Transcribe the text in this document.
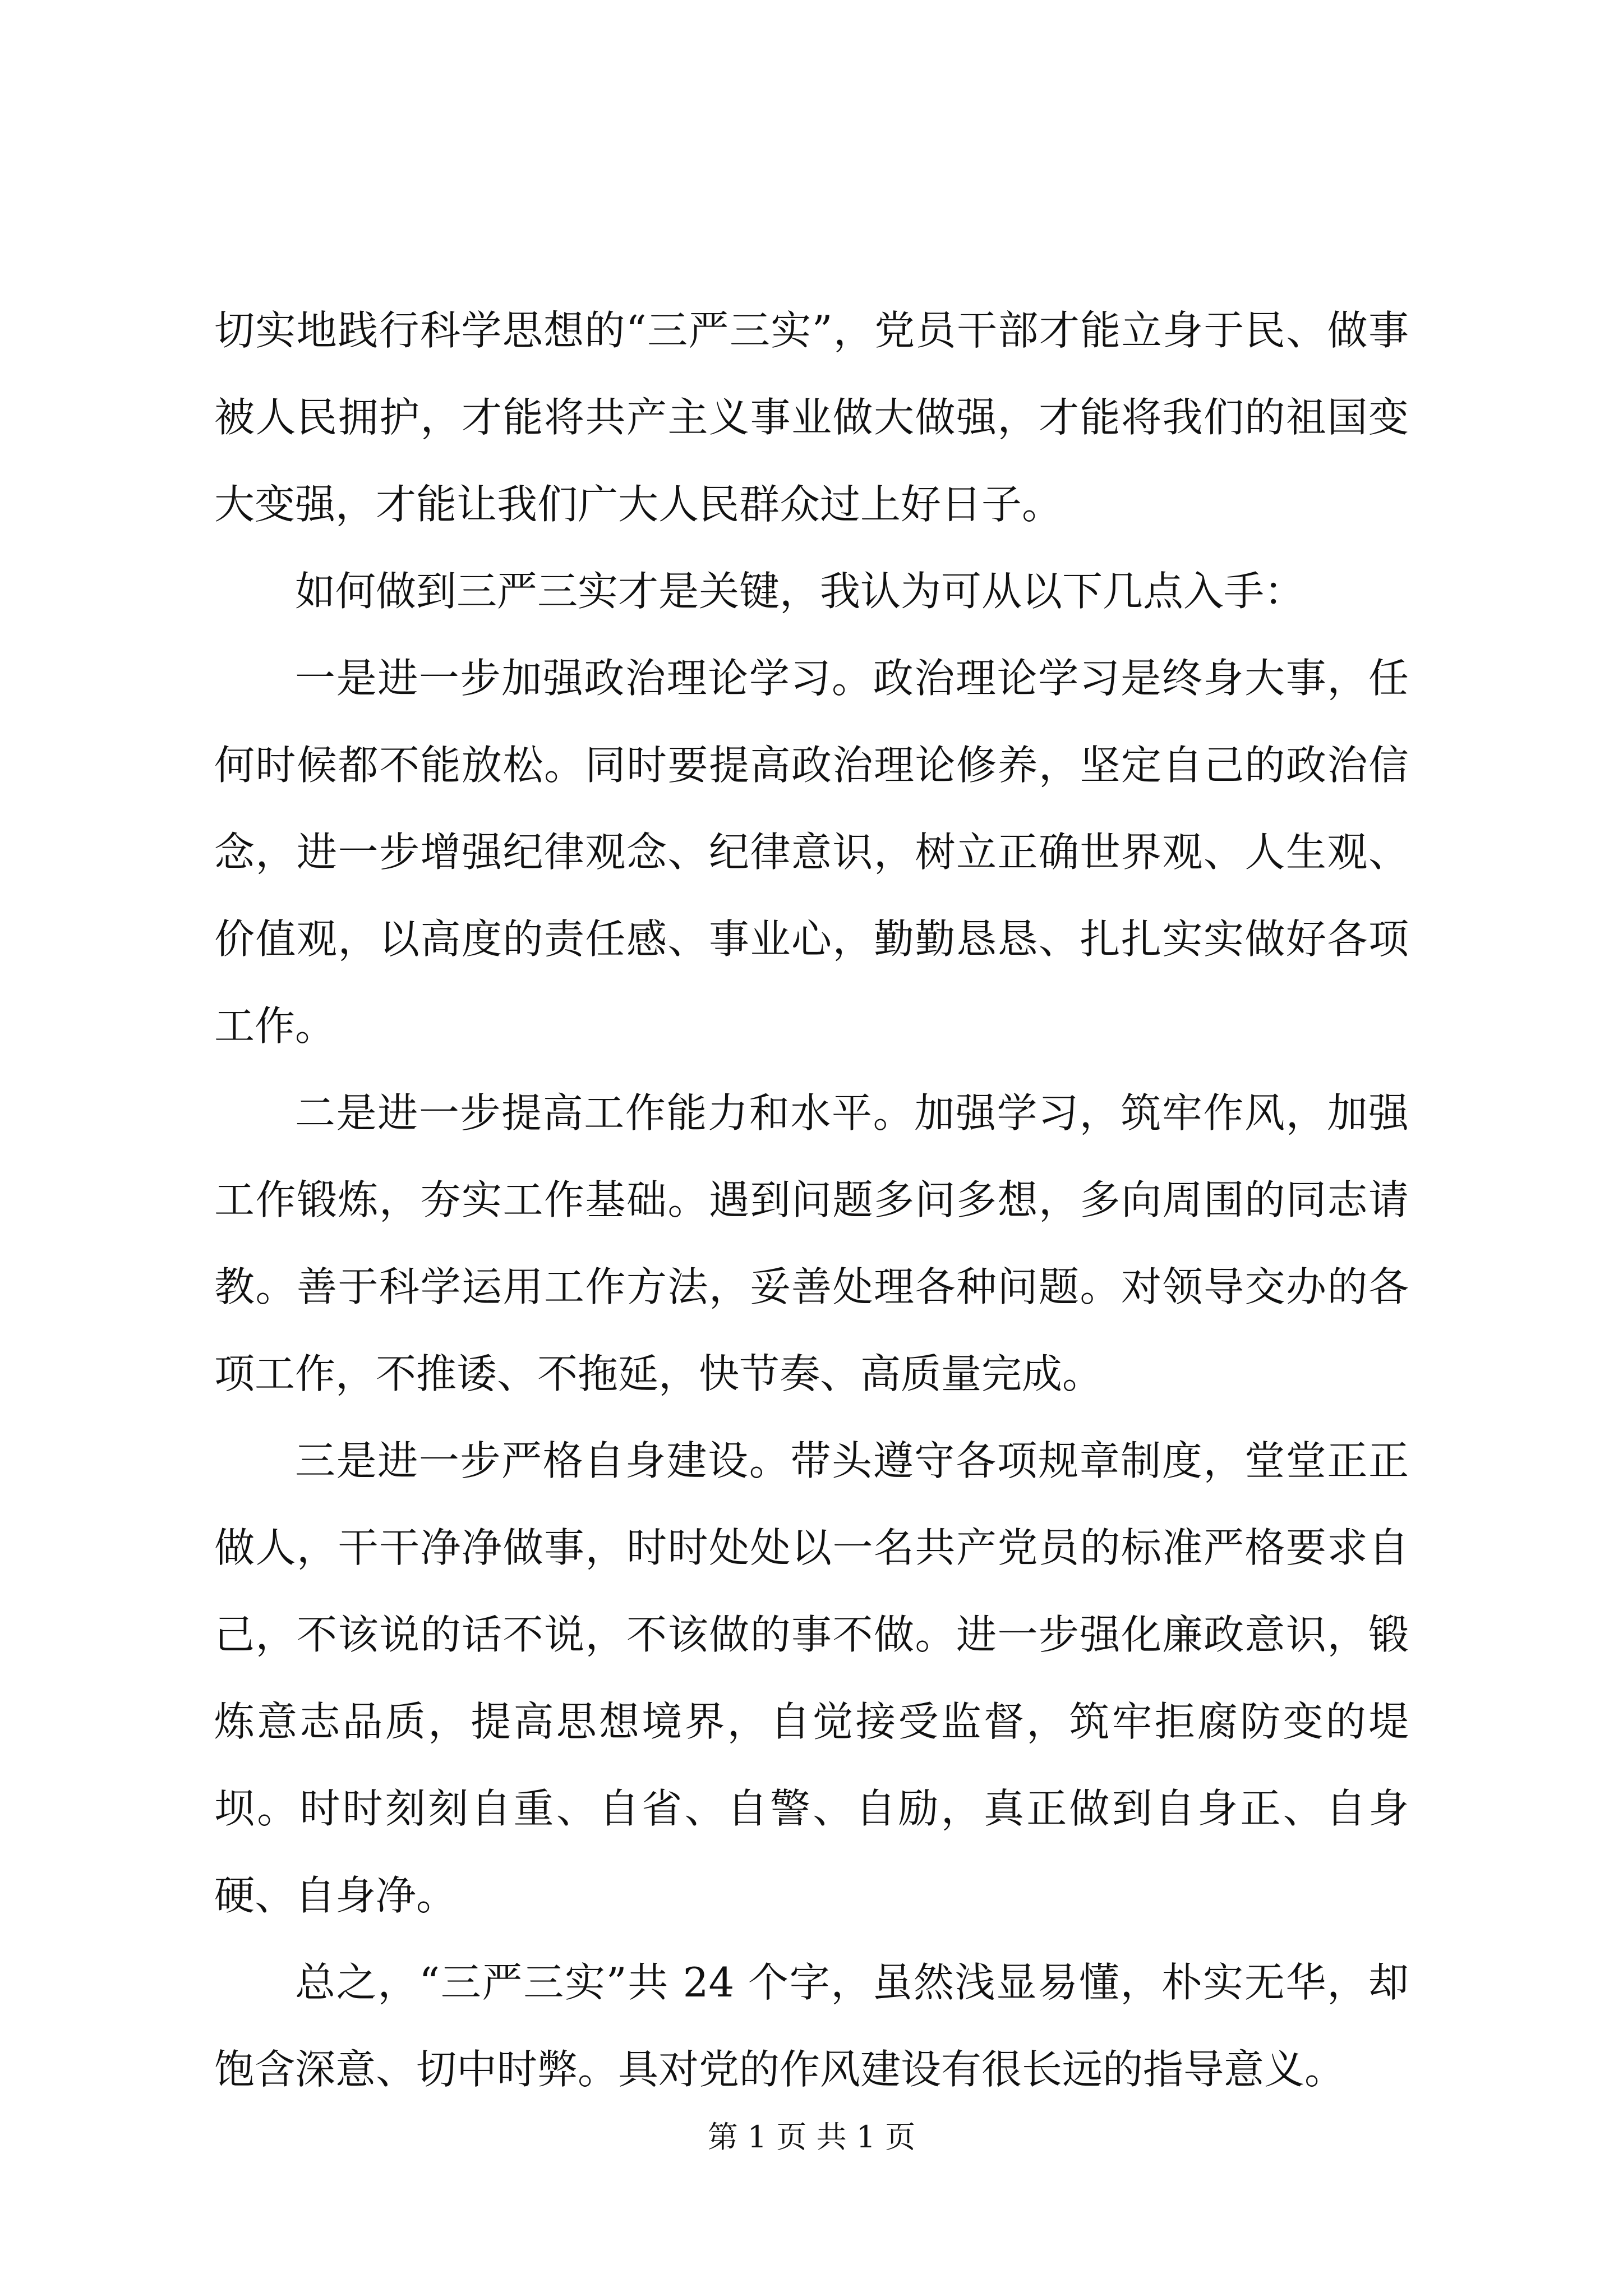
切实地践行科学思想的“三严三实”，党员干部才能立身于民、做事被人民拥护，才能将共产主义事业做大做强，才能将我们的祖国变大变强，才能让我们广大人民群众过上好日子。

如何做到三严三实才是关键，我认为可从以下几点入手：

一是进一步加强政治理论学习。政治理论学习是终身大事，任何时候都不能放松。同时要提高政治理论修养，坚定自己的政治信念，进一步增强纪律观念、纪律意识，树立正确世界观、人生观、价值观，以高度的责任感、事业心，勤勤恳恳、扎扎实实做好各项工作。

二是进一步提高工作能力和水平。加强学习，筑牢作风，加强工作锻炼，夯实工作基础。遇到问题多问多想，多向周围的同志请教。善于科学运用工作方法，妥善处理各种问题。对领导交办的各项工作，不推诿、不拖延，快节奏、高质量完成。

三是进一步严格自身建设。带头遵守各项规章制度，堂堂正正做人，干干净净做事，时时处处以一名共产党员的标准严格要求自己，不该说的话不说，不该做的事不做。进一步强化廉政意识，锻炼意志品质，提高思想境界，自觉接受监督，筑牢拒腐防变的堤坝。时时刻刻自重、自省、自警、自励，真正做到自身正、自身硬、自身净。

总之，“三严三实”共 24 个字，虽然浅显易懂，朴实无华，却饱含深意、切中时弊。具对党的作风建设有很长远的指导意义。

第 1 页 共 1 页
